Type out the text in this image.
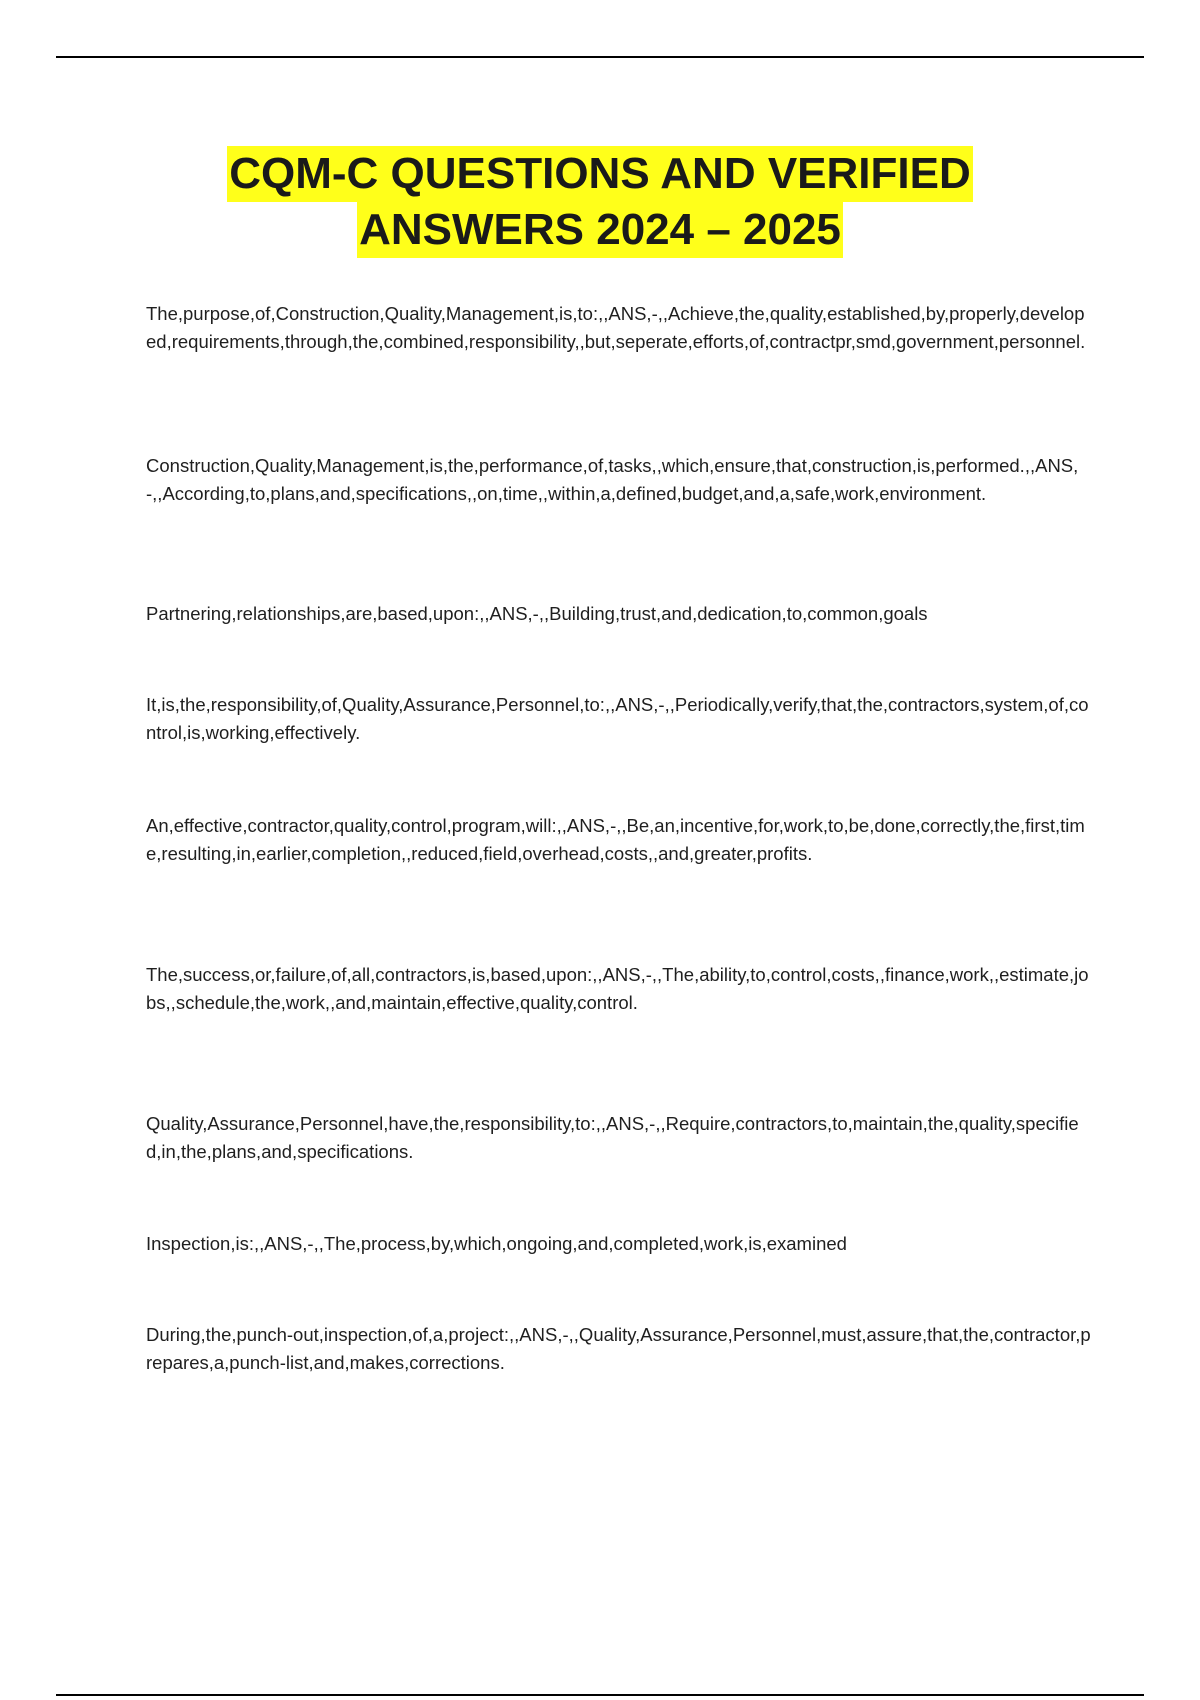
CQM-C QUESTIONS AND VERIFIED
ANSWERS 2024 – 2025

The,purpose,of,Construction,Quality,Management,is,to:,,ANS,-,,Achieve,the,quality,established,by,properly,developed,requirements,through,the,combined,responsibility,,but,seperate,efforts,of,contractpr,smd,government,personnel.

Construction,Quality,Management,is,the,performance,of,tasks,,which,ensure,that,construction,is,performed.,,ANS,-,,According,to,plans,and,specifications,,on,time,,within,a,defined,budget,and,a,safe,work,environment.

Partnering,relationships,are,based,upon:,,ANS,-,,Building,trust,and,dedication,to,common,goals

It,is,the,responsibility,of,Quality,Assurance,Personnel,to:,,ANS,-,,Periodically,verify,that,the,contractors,system,of,control,is,working,effectively.

An,effective,contractor,quality,control,program,will:,,ANS,-,,Be,an,incentive,for,work,to,be,done,correctly,the,first,time,resulting,in,earlier,completion,,reduced,field,overhead,costs,,and,greater,profits.

The,success,or,failure,of,all,contractors,is,based,upon:,,ANS,-,,The,ability,to,control,costs,,finance,work,,estimate,jobs,,schedule,the,work,,and,maintain,effective,quality,control.

Quality,Assurance,Personnel,have,the,responsibility,to:,,ANS,-,,Require,contractors,to,maintain,the,quality,specified,in,the,plans,and,specifications.

Inspection,is:,,ANS,-,,The,process,by,which,ongoing,and,completed,work,is,examined

During,the,punch-out,inspection,of,a,project:,,ANS,-,,Quality,Assurance,Personnel,must,assure,that,the,contractor,prepares,a,punch-list,and,makes,corrections.
